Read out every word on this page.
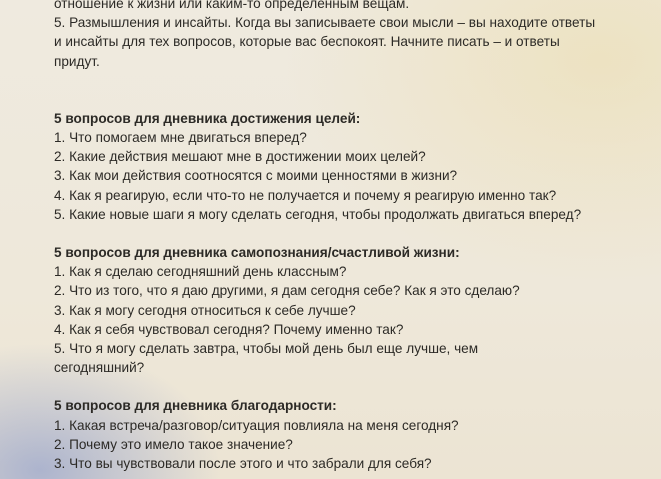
отношение к жизни или каким-то определенным вещам.
5. Размышления и инсайты. Когда вы записываете свои мысли – вы находите ответы и инсайты для тех вопросов, которые вас беспокоят. Начните писать – и ответы придут.
5 вопросов для дневника достижения целей:
1. Что помогаем мне двигаться вперед?
2. Какие действия мешают мне в достижении моих целей?
3. Как мои действия соотносятся с моими ценностями в жизни?
4. Как я реагирую, если что-то не получается и почему я реагирую именно так?
5. Какие новые шаги я могу сделать сегодня, чтобы продолжать двигаться вперед?
5 вопросов для дневника самопознания/счастливой жизни:
1. Как я сделаю сегодняшний день классным?
2. Что из того, что я даю другими, я дам сегодня себе? Как я это сделаю?
3. Как я могу сегодня относиться к себе лучше?
4. Как я себя чувствовал сегодня? Почему именно так?
5. Что я могу сделать завтра, чтобы мой день был еще лучше, чем сегодняшний?
5 вопросов для дневника благодарности:
1. Какая встреча/разговор/ситуация повлияла на меня сегодня?
2. Почему это имело такое значение?
3. Что вы чувствовали после этого и что забрали для себя?
